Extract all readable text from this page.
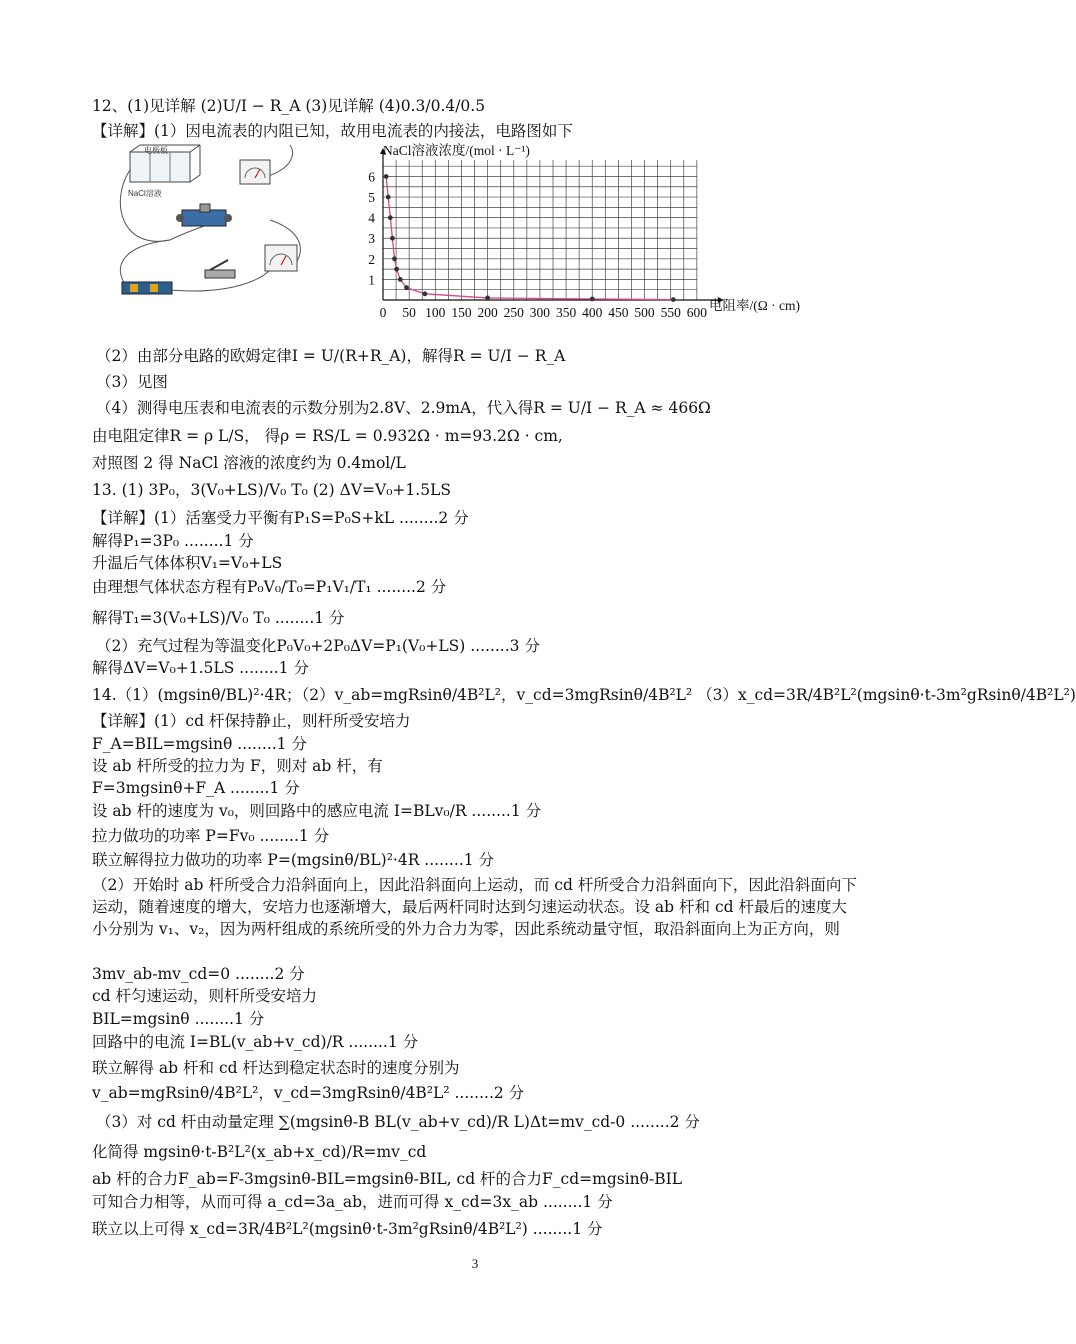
12、(1)见详解 (2)U/I − R_A (3)见详解 (4)0.3/0.4/0.5
【详解】(1）因电流表的内阻已知，故用电流表的内接法，电路图如下
（2）由部分电路的欧姆定律I = U/(R+R_A)，解得R = U/I − R_A
（3）见图
（4）测得电压表和电流表的示数分别为2.8V、2.9mA，代入得R = U/I − R_A ≈ 466Ω
由电阻定律R = ρ L/S， 得ρ = RS/L = 0.932Ω · m=93.2Ω · cm,
对照图 2 得 NaCl 溶液的浓度约为 0.4mol/L
13. (1) 3P₀，3(V₀+LS)/V₀ T₀ (2) ΔV=V₀+1.5LS
【详解】(1）活塞受力平衡有P₁S=P₀S+kL ........2 分
解得P₁=3P₀ ........1 分
升温后气体体积V₁=V₀+LS
由理想气体状态方程有P₀V₀/T₀=P₁V₁/T₁ ........2 分
解得T₁=3(V₀+LS)/V₀ T₀ ........1 分
（2）充气过程为等温变化P₀V₀+2P₀ΔV=P₁(V₀+LS) ........3 分
解得ΔV=V₀+1.5LS ........1 分
14.（1）(mgsinθ/BL)²·4R；（2）v_ab=mgRsinθ/4B²L²，v_cd=3mgRsinθ/4B²L² （3）x_cd=3R/4B²L²(mgsinθ·t-3m²gRsinθ/4B²L²)
【详解】(1）cd 杆保持静止，则杆所受安培力
F_A=BIL=mgsinθ ........1 分
设 ab 杆所受的拉力为 F，则对 ab 杆，有
F=3mgsinθ+F_A ........1 分
设 ab 杆的速度为 v₀，则回路中的感应电流 I=BLv₀/R ........1 分
拉力做功的功率 P=Fv₀ ........1 分
联立解得拉力做功的功率 P=(mgsinθ/BL)²·4R ........1 分
3mv_ab-mv_cd=0 ........2 分
cd 杆匀速运动，则杆所受安培力
BIL=mgsinθ ........1 分
回路中的电流 I=BL(v_ab+v_cd)/R ........1 分
联立解得 ab 杆和 cd 杆达到稳定状态时的速度分别为
v_ab=mgRsinθ/4B²L²，v_cd=3mgRsinθ/4B²L² ........2 分
（3）对 cd 杆由动量定理 ∑(mgsinθ-B BL(v_ab+v_cd)/R L)Δt=mv_cd-0 ........2 分
化简得 mgsinθ·t-B²L²(x_ab+x_cd)/R=mv_cd
ab 杆的合力F_ab=F-3mgsinθ-BIL=mgsinθ-BIL, cd 杆的合力F_cd=mgsinθ-BIL
可知合力相等，从而可得 a_cd=3a_ab，进而可得 x_cd=3x_ab ........1 分
联立以上可得 x_cd=3R/4B²L²(mgsinθ·t-3m²gRsinθ/4B²L²) ........1 分
（2）开始时 ab 杆所受合力沿斜面向上，因此沿斜面向上运动，而 cd 杆所受合力沿斜面向下，因此沿斜面向下运动，随着速度的增大，安培力也逐渐增大，最后两杆同时达到匀速运动状态。设 ab 杆和 cd 杆最后的速度大小分别为 v₁、v₂，因为两杆组成的系统所受的外力合力为零，因此系统动量守恒，取沿斜面向上为正方向，则
电极板
NaCl溶液
0 50 100 150 200 250 300 350 400 450 500 550 600
1
2
3
4
5
6
NaCl溶液浓度/(mol · L⁻¹)
电阻率/(Ω · cm)
3
